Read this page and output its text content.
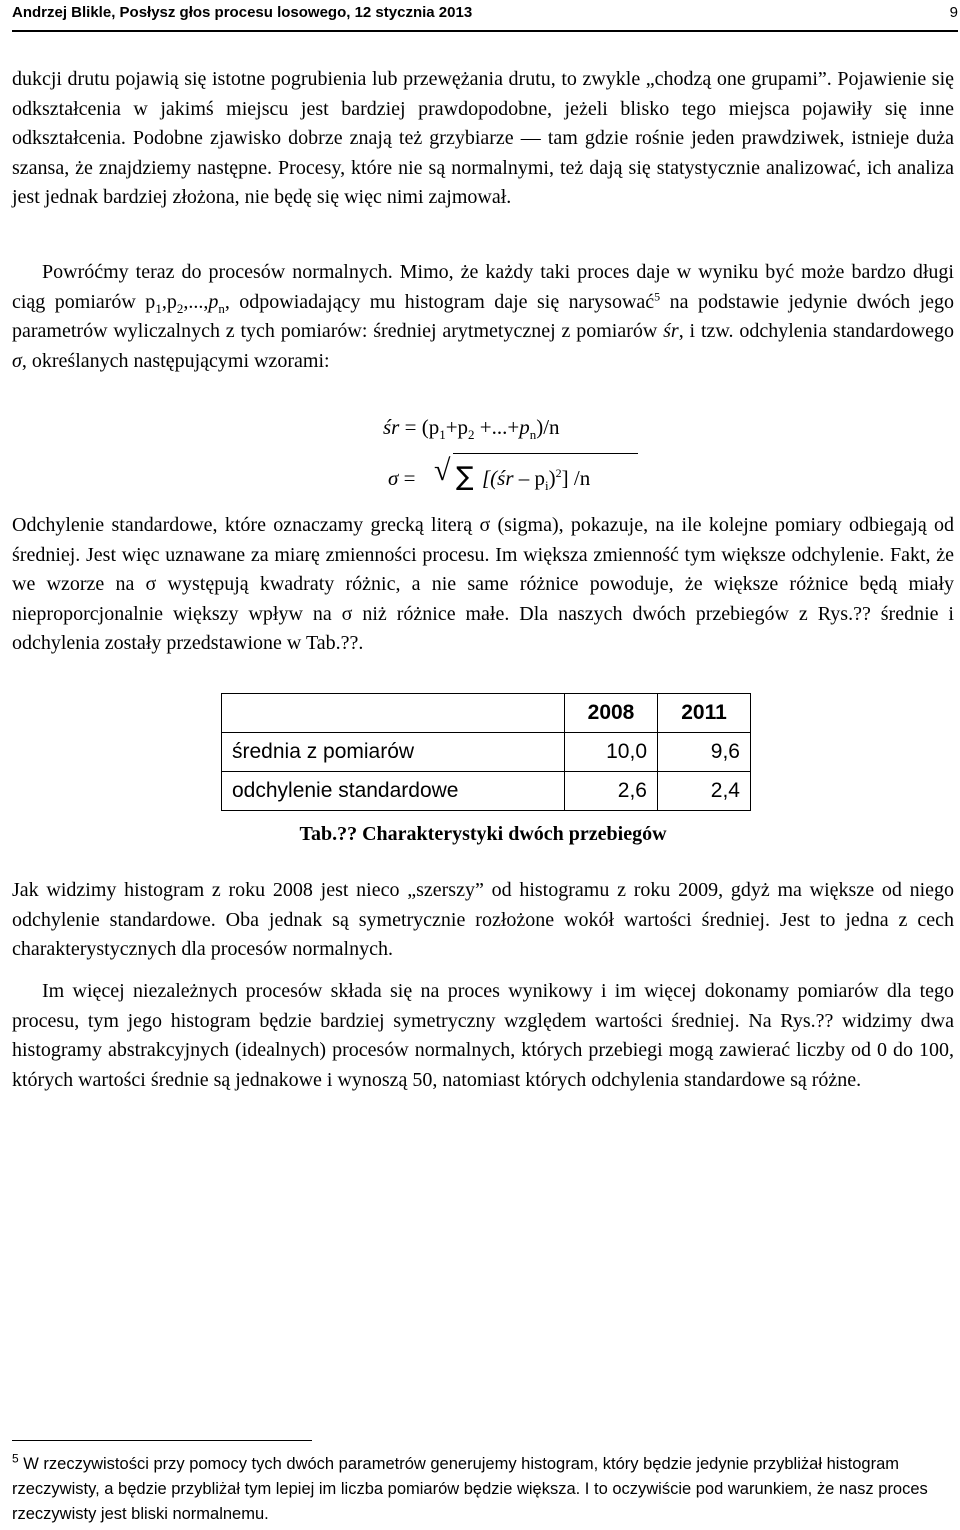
Andrzej Blikle, Posłysz głos procesu losowego, 12 stycznia 2013	9

dukcji drutu pojawią się istotne pogrubienia lub przewężania drutu, to zwykle „chodzą one grupami”. Pojawienie się odkształcenia w jakimś miejscu jest bardziej prawdopodobne, jeżeli blisko tego miejsca pojawiły się inne odkształcenia. Podobne zjawisko dobrze znają też grzybiarze — tam gdzie rośnie jeden prawdziwek, istnieje duża szansa, że znajdziemy następne. Procesy, które nie są normalnymi, też dają się statystycznie analizować, ich analiza jest jednak bardziej złożona, nie będę się więc nimi zajmował.

Powróćmy teraz do procesów normalnych. Mimo, że każdy taki proces daje w wyniku być może bardzo długi ciąg pomiarów $p_1,p_2,...,p_n$, odpowiadający mu histogram daje się narysować$^5$ na podstawie jedynie dwóch jego parametrów wyliczalnych z tych pomiarów: średniej arytmetycznej z pomiarów śr, i tzw. odchylenia standardowego σ, określanych następującymi wzorami:

śr = $(p_1+p_2 +...+p_n)/n$
σ = √ ∑ [(śr – $p_i)^2$] /n

Odchylenie standardowe, które oznaczamy grecką literą σ (sigma), pokazuje, na ile kolejne pomiary odbiegają od średniej. Jest więc uznawane za miarę zmienności procesu. Im większa zmienność tym większe odchylenie. Fakt, że we wzorze na σ występują kwadraty różnic, a nie same różnice powoduje, że większe różnice będą miały nieproporcjonalnie większy wpływ na σ niż różnice małe. Dla naszych dwóch przebiegów z Rys.?? średnie i odchylenia zostały przedstawione w Tab.??.

	2008	2011
średnia z pomiarów	10,0	9,6
odchylenie standardowe	2,6	2,4
Tab.?? Charakterystyki dwóch przebiegów

Jak widzimy histogram z roku 2008 jest nieco „szerszy” od histogramu z roku 2009, gdyż ma większe od niego odchylenie standardowe. Oba jednak są symetrycznie rozłożone wokół wartości średniej. Jest to jedna z cech charakterystycznych dla procesów normalnych.

Im więcej niezależnych procesów składa się na proces wynikowy i im więcej dokonamy pomiarów dla tego procesu, tym jego histogram będzie bardziej symetryczny względem wartości średniej. Na Rys.?? widzimy dwa histogramy abstrakcyjnych (idealnych) procesów normalnych, których przebiegi mogą zawierać liczby od 0 do 100, których wartości średnie są jednakowe i wynoszą 50, natomiast których odchylenia standardowe są różne.

$^5$ W rzeczywistości przy pomocy tych dwóch parametrów generujemy histogram, który będzie jedynie przybliżał histogram rzeczywisty, a będzie przybliżał tym lepiej im liczba pomiarów będzie większa. I to oczywiście pod warunkiem, że nasz proces rzeczywisty jest bliski normalnemu.
